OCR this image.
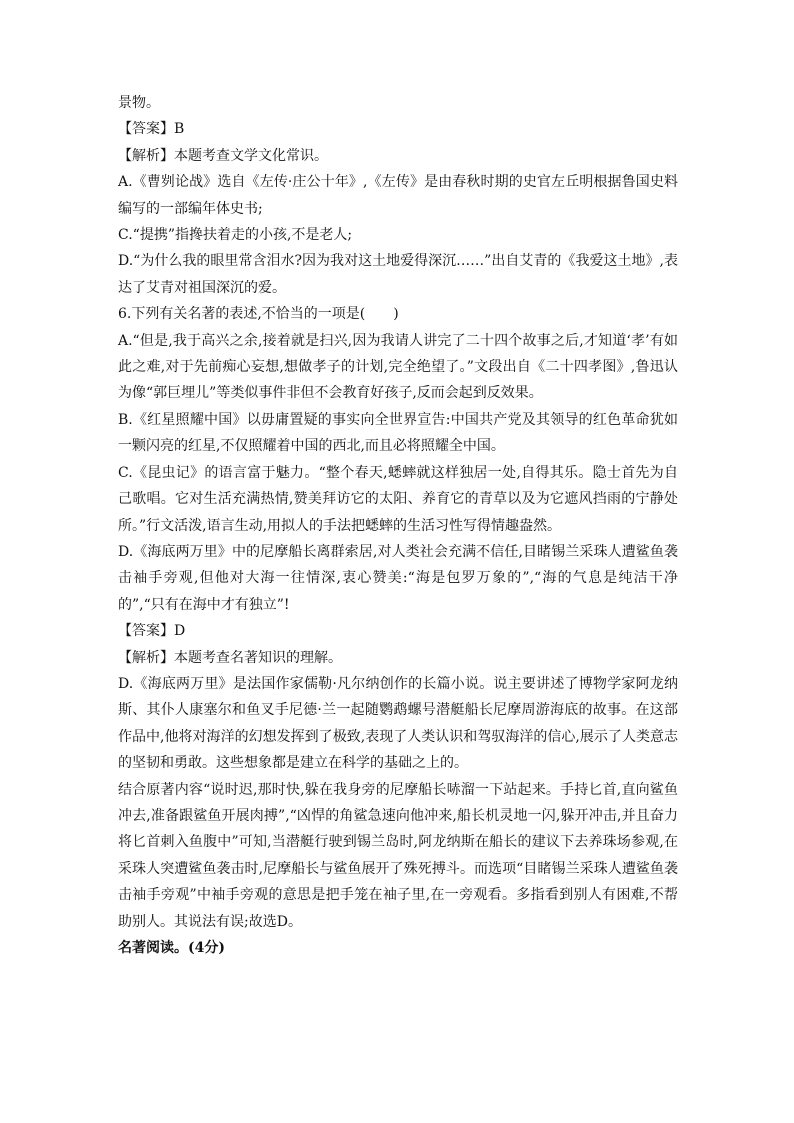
景物。

【答案】B

【解析】本题考查文学文化常识。

A.《曹刿论战》选自《左传·庄公十年》,《左传》是由春秋时期的史官左丘明根据鲁国史料编写的一部编年体史书;

C.“提携”指搀扶着走的小孩,不是老人;

D.“为什么我的眼里常含泪水?因为我对这土地爱得深沉……”出自艾青的《我爱这土地》,表达了艾青对祖国深沉的爱。

6.下列有关名著的表述,不恰当的一项是(　　)

A.“但是,我于高兴之余,接着就是扫兴,因为我请人讲完了二十四个故事之后,才知道‘孝’有如此之难,对于先前痴心妄想,想做孝子的计划,完全绝望了。”文段出自《二十四孝图》,鲁迅认为像“郭巨埋儿”等类似事件非但不会教育好孩子,反而会起到反效果。

B.《红星照耀中国》以毋庸置疑的事实向全世界宣告:中国共产党及其领导的红色革命犹如一颗闪亮的红星,不仅照耀着中国的西北,而且必将照耀全中国。

C.《昆虫记》的语言富于魅力。“整个春天,蟋蟀就这样独居一处,自得其乐。隐士首先为自己歌唱。它对生活充满热情,赞美拜访它的太阳、养育它的青草以及为它遮风挡雨的宁静处所。”行文活泼,语言生动,用拟人的手法把蟋蟀的生活习性写得情趣盎然。

D.《海底两万里》中的尼摩船长离群索居,对人类社会充满不信任,目睹锡兰采珠人遭鲨鱼袭击袖手旁观,但他对大海一往情深,衷心赞美:“海是包罗万象的”,“海的气息是纯洁干净的”,“只有在海中才有独立”!

【答案】D

【解析】本题考查名著知识的理解。

D.《海底两万里》是法国作家儒勒·凡尔纳创作的长篇小说。说主要讲述了博物学家阿龙纳斯、其仆人康塞尔和鱼叉手尼德·兰一起随鹦鹉螺号潜艇船长尼摩周游海底的故事。在这部作品中,他将对海洋的幻想发挥到了极致,表现了人类认识和驾驭海洋的信心,展示了人类意志的坚韧和勇敢。这些想象都是建立在科学的基础之上的。

结合原著内容“说时迟,那时快,躲在我身旁的尼摩船长哧溜一下站起来。手持匕首,直向鲨鱼冲去,准备跟鲨鱼开展肉搏”,“凶悍的角鲨急速向他冲来,船长机灵地一闪,躲开冲击,并且奋力将匕首刺入鱼腹中”可知,当潜艇行驶到锡兰岛时,阿龙纳斯在船长的建议下去养珠场参观,在采珠人突遭鲨鱼袭击时,尼摩船长与鲨鱼展开了殊死搏斗。而选项“目睹锡兰采珠人遭鲨鱼袭击袖手旁观”中袖手旁观的意思是把手笼在袖子里,在一旁观看。多指看到别人有困难,不帮助别人。其说法有误;故选D。

名著阅读。(4分)
